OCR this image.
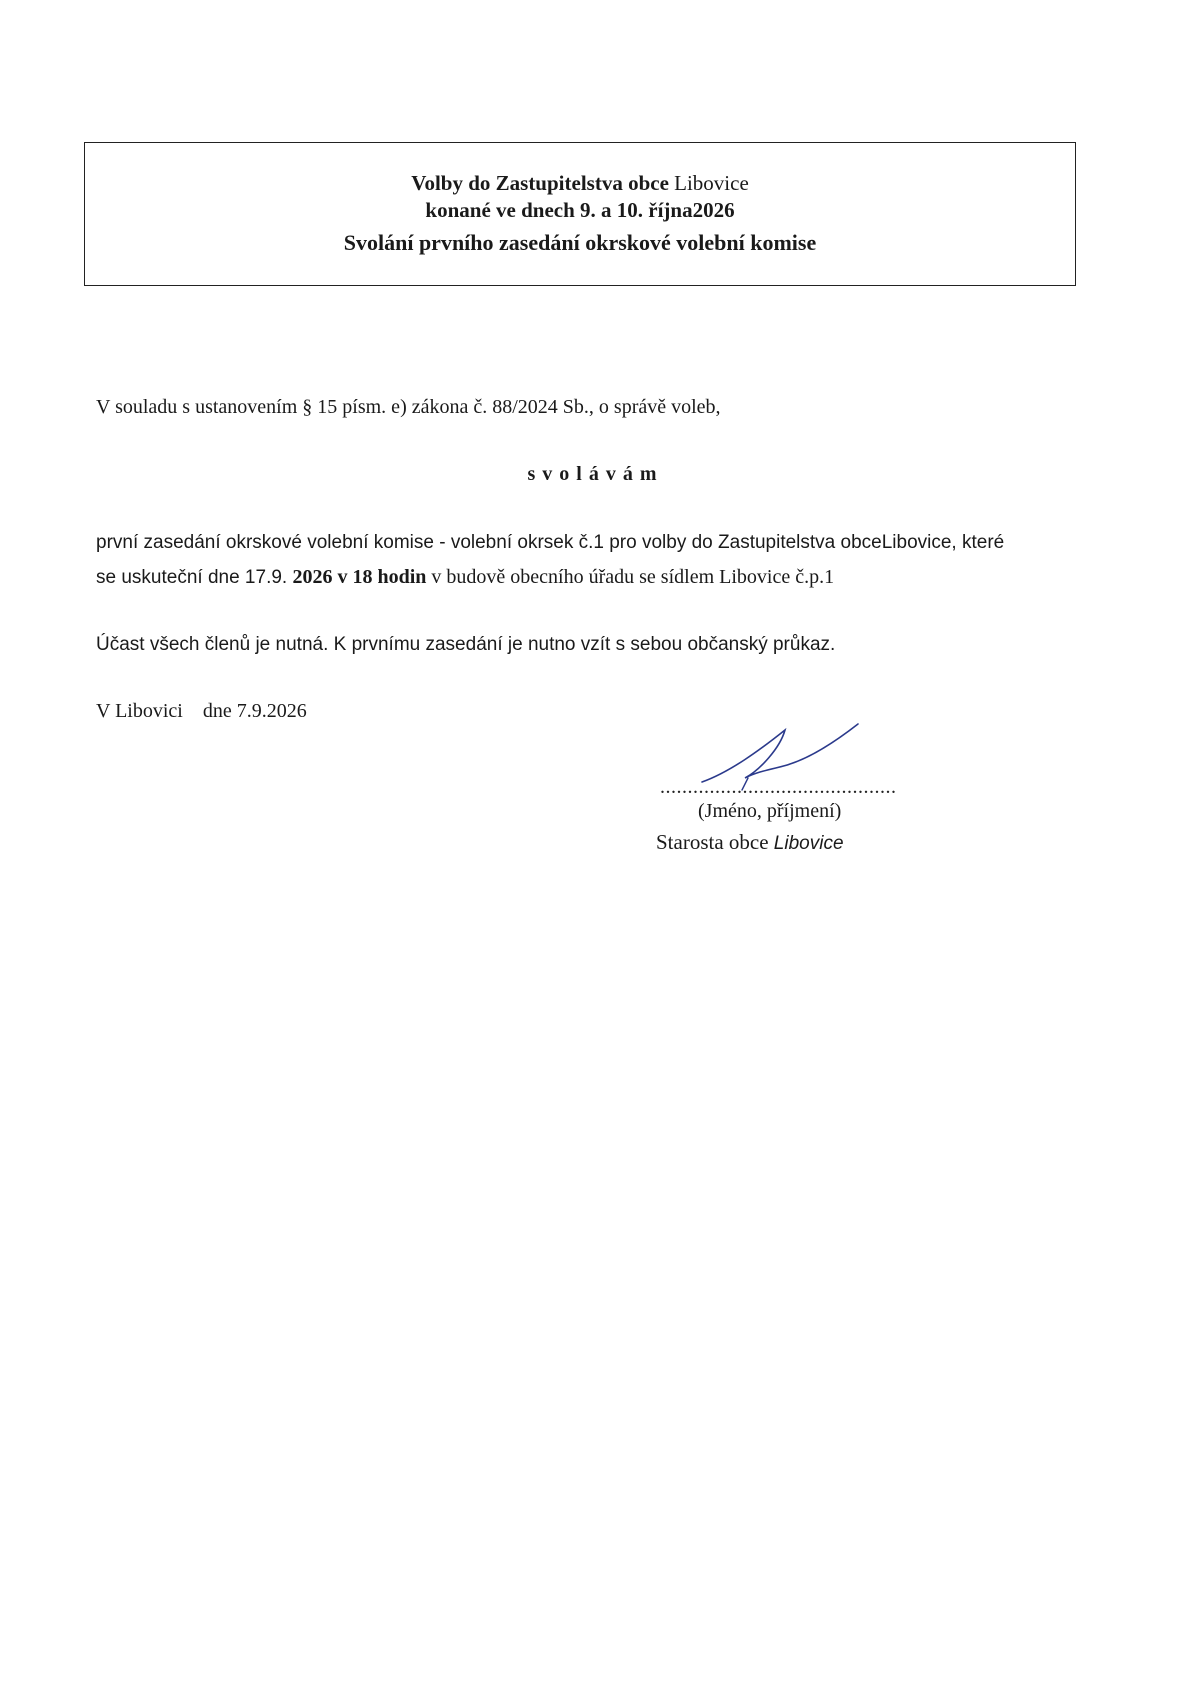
Volby do Zastupitelstva obce Libovice
konané ve dnech 9. a 10. října2026
Svolání prvního zasedání okrskové volební komise
V souladu s ustanovením § 15 písm. e) zákona č. 88/2024 Sb., o správě voleb,
svolávám
první zasedání okrskové volební komise - volební okrsek č.1 pro volby do Zastupitelstva obceLibovice, které
se uskuteční dne 17.9. 2026 v 18 hodin v budově obecního úřadu se sídlem Libovice č.p.1
Účast všech členů je nutná. K prvnímu zasedání je nutno vzít s sebou občanský průkaz.
V Libovici    dne 7.9.2026
...........................................
(Jméno, příjmení)
Starosta obce Libovice
